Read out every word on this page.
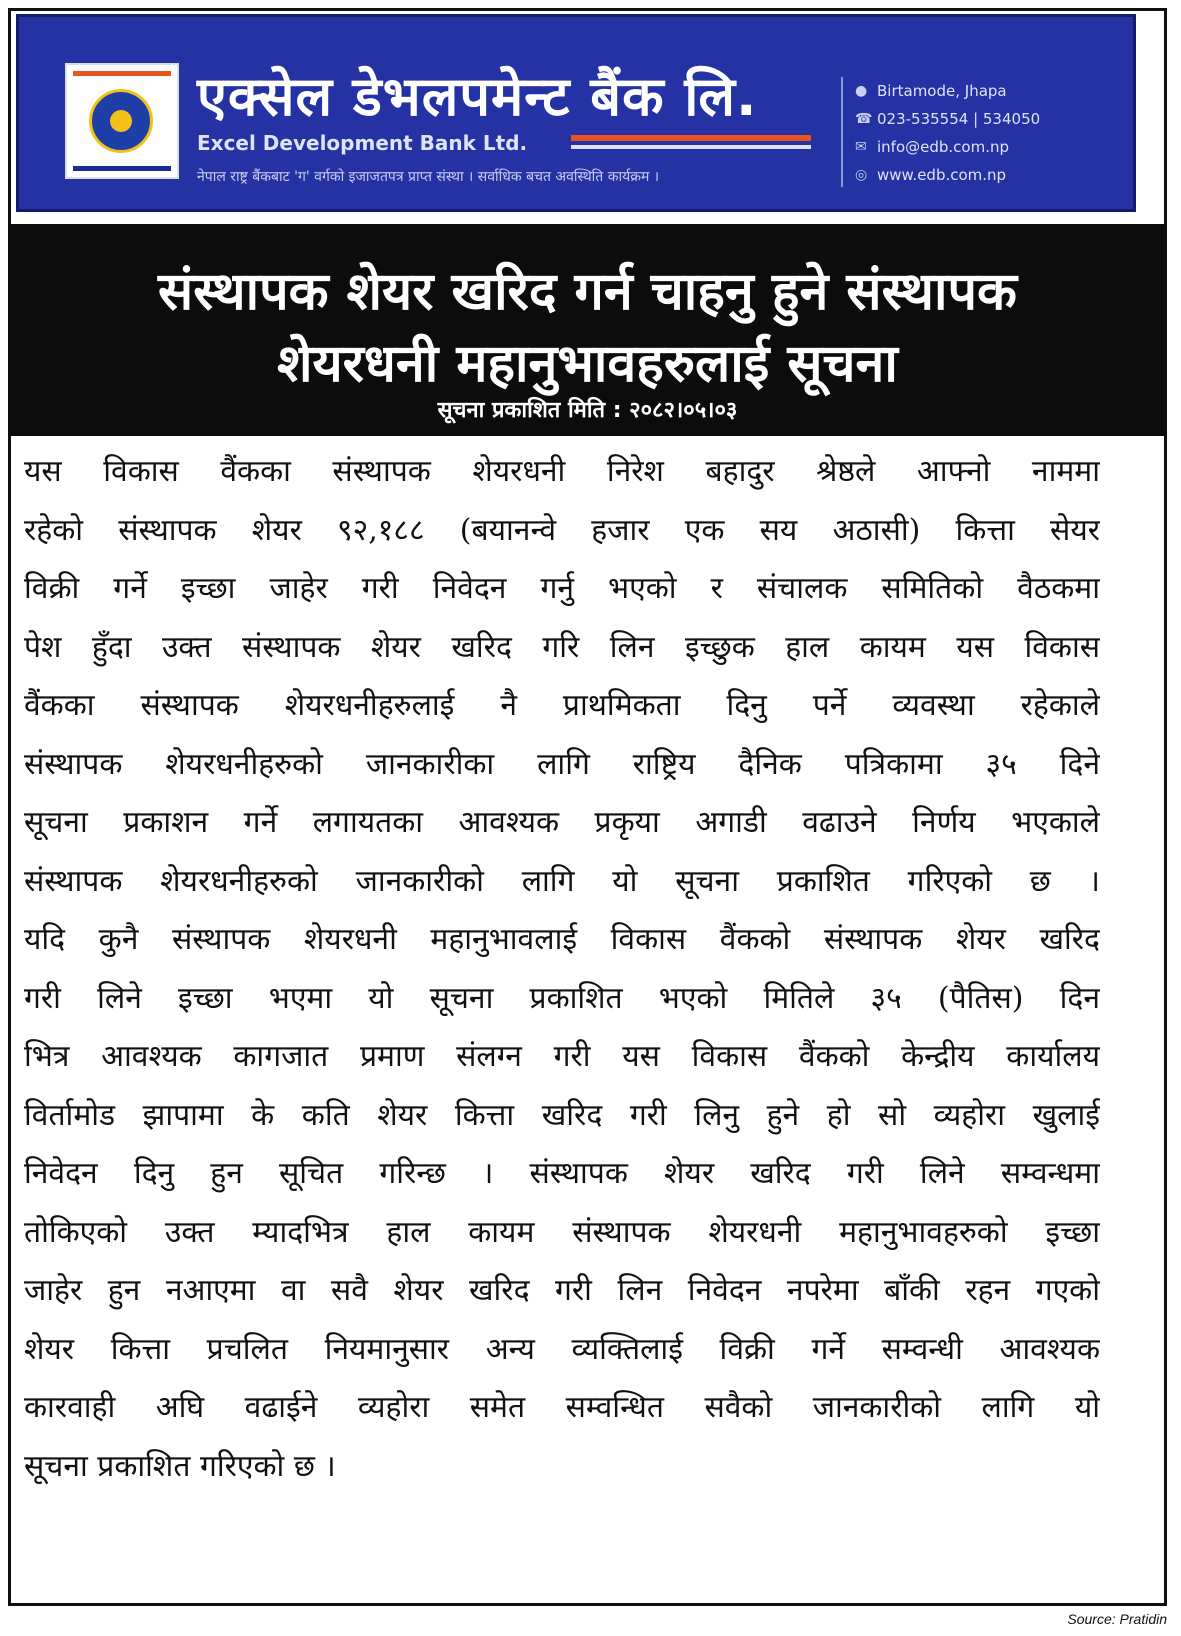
एक्सेल डेभलपमेन्ट बैंक लि.
Excel Development Bank Ltd.
नेपाल राष्ट्र बैंकबाट 'ग' वर्गको इजाजतपत्र प्राप्त संस्था । सर्वाधिक बचत अवस्थिति कार्यक्रम ।
● Birtamode, Jhapa
☎ 023-535554 | 534050
✉ info@edb.com.np
◎ www.edb.com.np
संस्थापक शेयर खरिद गर्न चाहनु हुने संस्थापक
शेयरधनी महानुभावहरुलाई सूचना
सूचना प्रकाशित मिति : २०८२।०५।०३
यस विकास वैंकका संस्थापक शेयरधनी निरेश बहादुर श्रेष्ठले आफ्नो नाममा
रहेको संस्थापक शेयर ९२,१८८ (बयानन्वे हजार एक सय अठासी) कित्ता सेयर
विक्री गर्ने इच्छा जाहेर गरी निवेदन गर्नु भएको र संचालक समितिको वैठकमा
पेश हुँदा उक्त संस्थापक शेयर खरिद गरि लिन इच्छुक हाल कायम यस विकास
वैंकका संस्थापक शेयरधनीहरुलाई नै प्राथमिकता दिनु पर्ने व्यवस्था रहेकाले
संस्थापक शेयरधनीहरुको जानकारीका लागि राष्ट्रिय दैनिक पत्रिकामा ३५ दिने
सूचना प्रकाशन गर्ने लगायतका आवश्यक प्रकृया अगाडी वढाउने निर्णय भएकाले
संस्थापक शेयरधनीहरुको जानकारीको लागि यो सूचना प्रकाशित गरिएको छ ।
यदि कुनै संस्थापक शेयरधनी महानुभावलाई विकास वैंकको संस्थापक शेयर खरिद
गरी लिने इच्छा भएमा यो सूचना प्रकाशित भएको मितिले ३५ (पैतिस) दिन
भित्र आवश्यक कागजात प्रमाण संलग्न गरी यस विकास वैंकको केन्द्रीय कार्यालय
विर्तामोड झापामा के कति शेयर कित्ता खरिद गरी लिनु हुने हो सो व्यहोरा खुलाई
निवेदन दिनु हुन सूचित गरिन्छ । संस्थापक शेयर खरिद गरी लिने सम्वन्धमा
तोकिएको उक्त म्यादभित्र हाल कायम संस्थापक शेयरधनी महानुभावहरुको इच्छा
जाहेर हुन नआएमा वा सवै शेयर खरिद गरी लिन निवेदन नपरेमा बाँकी रहन गएको
शेयर कित्ता प्रचलित नियमानुसार अन्य व्यक्तिलाई विक्री गर्ने सम्वन्धी आवश्यक
कारवाही अघि वढाईने व्यहोरा समेत सम्वन्धित सवैको जानकारीको लागि यो
सूचना प्रकाशित गरिएको छ ।
Source: Pratidin
